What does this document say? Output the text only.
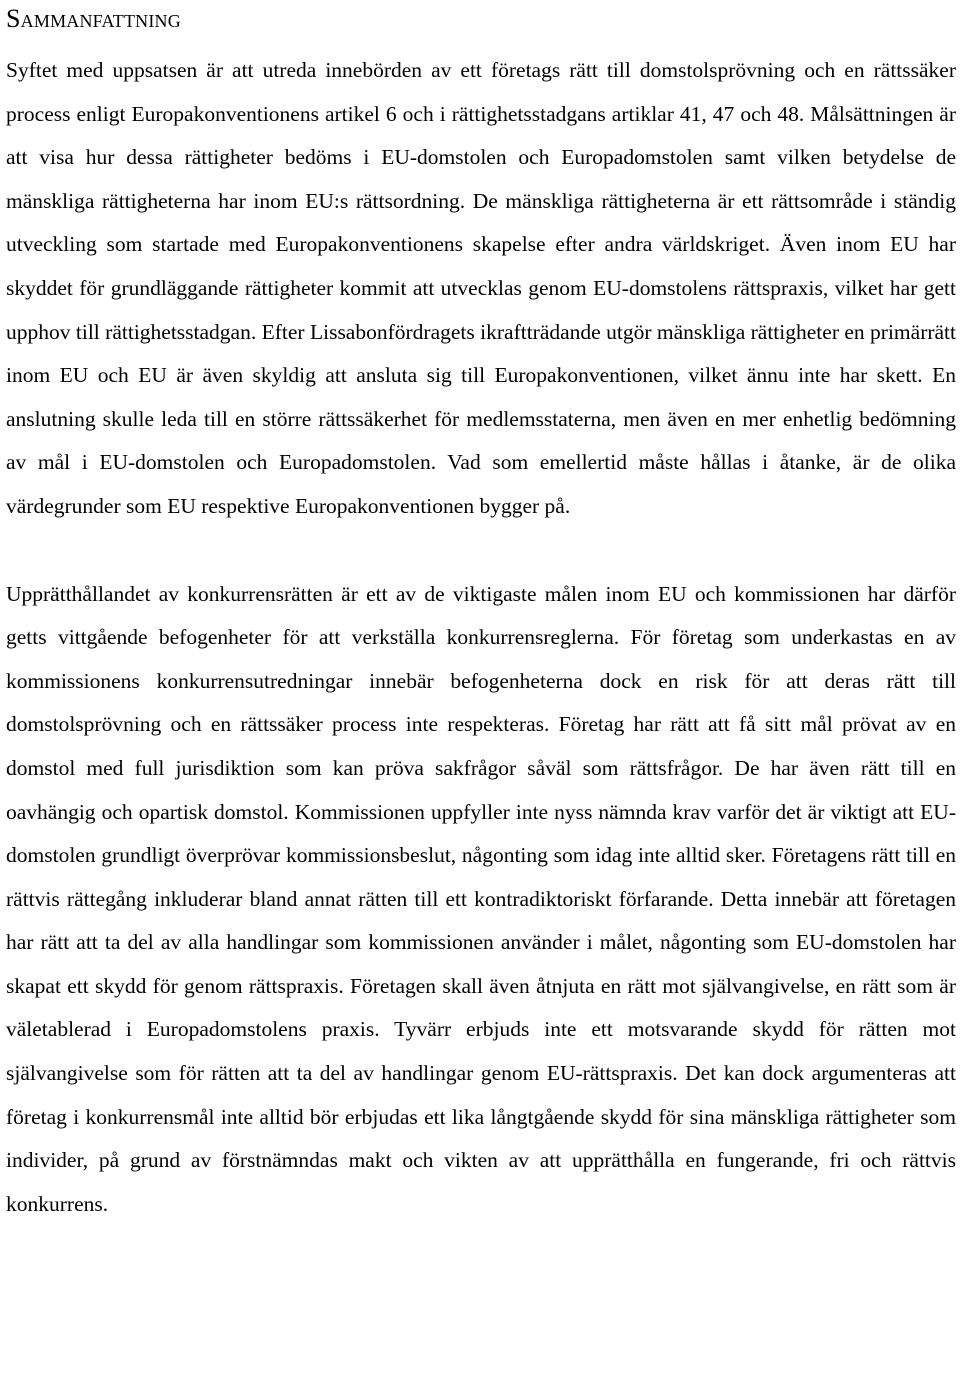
Sammanfattning

Syftet med uppsatsen är att utreda innebörden av ett företags rätt till domstolsprövning och en rättssäker process enligt Europakonventionens artikel 6 och i rättighetsstadgans artiklar 41, 47 och 48. Målsättningen är att visa hur dessa rättigheter bedöms i EU-domstolen och Europadomstolen samt vilken betydelse de mänskliga rättigheterna har inom EU:s rättsordning. De mänskliga rättigheterna är ett rättsområde i ständig utveckling som startade med Europakonventionens skapelse efter andra världskriget. Även inom EU har skyddet för grundläggande rättigheter kommit att utvecklas genom EU-domstolens rättspraxis, vilket har gett upphov till rättighetsstadgan. Efter Lissabonfördragets ikraftträdande utgör mänskliga rättigheter en primärrätt inom EU och EU är även skyldig att ansluta sig till Europakonventionen, vilket ännu inte har skett. En anslutning skulle leda till en större rättssäkerhet för medlemsstaterna, men även en mer enhetlig bedömning av mål i EU-domstolen och Europadomstolen. Vad som emellertid måste hållas i åtanke, är de olika värdegrunder som EU respektive Europakonventionen bygger på.

Upprätthållandet av konkurrensrätten är ett av de viktigaste målen inom EU och kommissionen har därför getts vittgående befogenheter för att verkställa konkurrensreglerna. För företag som underkastas en av kommissionens konkurrensutredningar innebär befogenheterna dock en risk för att deras rätt till domstolsprövning och en rättssäker process inte respekteras. Företag har rätt att få sitt mål prövat av en domstol med full jurisdiktion som kan pröva sakfrågor såväl som rättsfrågor. De har även rätt till en oavhängig och opartisk domstol. Kommissionen uppfyller inte nyss nämnda krav varför det är viktigt att EU-domstolen grundligt överprövar kommissionsbeslut, någonting som idag inte alltid sker. Företagens rätt till en rättvis rättegång inkluderar bland annat rätten till ett kontradiktoriskt förfarande. Detta innebär att företagen har rätt att ta del av alla handlingar som kommissionen använder i målet, någonting som EU-domstolen har skapat ett skydd för genom rättspraxis. Företagen skall även åtnjuta en rätt mot självangivelse, en rätt som är väletablerad i Europadomstolens praxis. Tyvärr erbjuds inte ett motsvarande skydd för rätten mot självangivelse som för rätten att ta del av handlingar genom EU-rättspraxis. Det kan dock argumenteras att företag i konkurrensmål inte alltid bör erbjudas ett lika långtgående skydd för sina mänskliga rättigheter som individer, på grund av förstnämndas makt och vikten av att upprätthålla en fungerande, fri och rättvis konkurrens.
